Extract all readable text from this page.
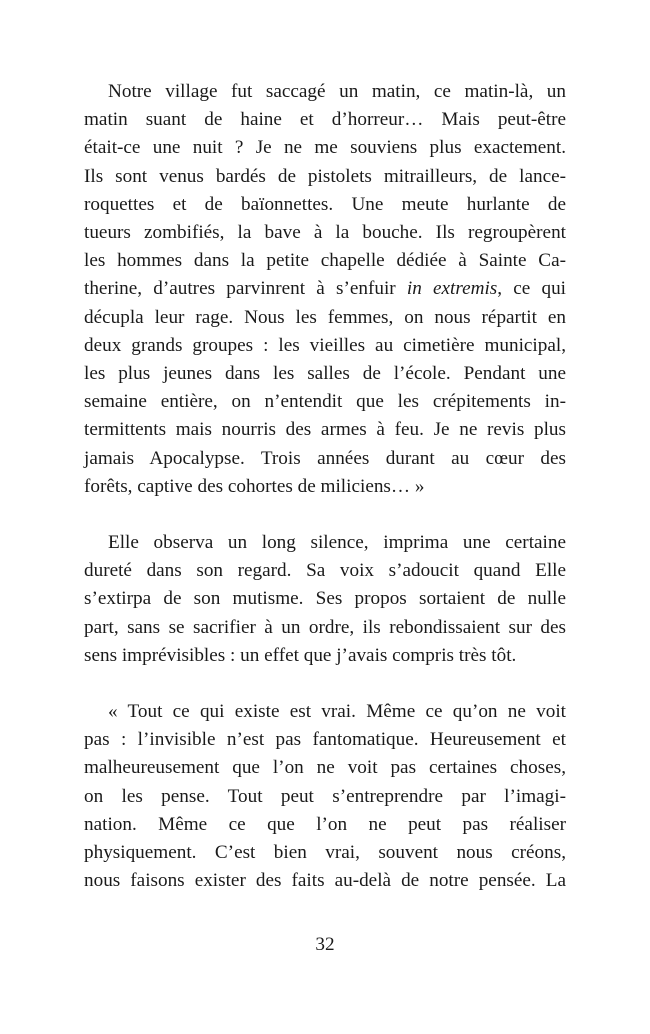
Notre village fut saccagé un matin, ce matin-là, un
matin suant de haine et d’horreur… Mais peut-être
était-ce une nuit ? Je ne me souviens plus exactement.
Ils sont venus bardés de pistolets mitrailleurs, de lance-
roquettes et de baïonnettes. Une meute hurlante de
tueurs zombifiés, la bave à la bouche. Ils regroupèrent
les hommes dans la petite chapelle dédiée à Sainte Ca-
therine, d’autres parvinrent à s’enfuir in extremis, ce qui
décupla leur rage. Nous les femmes, on nous répartit en
deux grands groupes : les vieilles au cimetière municipal,
les plus jeunes dans les salles de l’école. Pendant une
semaine entière, on n’entendit que les crépitements in-
termittents mais nourris des armes à feu. Je ne revis plus
jamais Apocalypse. Trois années durant au cœur des
forêts, captive des cohortes de miliciens… »

Elle observa un long silence, imprima une certaine
dureté dans son regard. Sa voix s’adoucit quand Elle
s’extirpa de son mutisme. Ses propos sortaient de nulle
part, sans se sacrifier à un ordre, ils rebondissaient sur des
sens imprévisibles : un effet que j’avais compris très tôt.

« Tout ce qui existe est vrai. Même ce qu’on ne voit
pas : l’invisible n’est pas fantomatique. Heureusement et
malheureusement que l’on ne voit pas certaines choses,
on les pense. Tout peut s’entreprendre par l’imagi-
nation. Même ce que l’on ne peut pas réaliser
physiquement. C’est bien vrai, souvent nous créons,
nous faisons exister des faits au-delà de notre pensée. La

32
